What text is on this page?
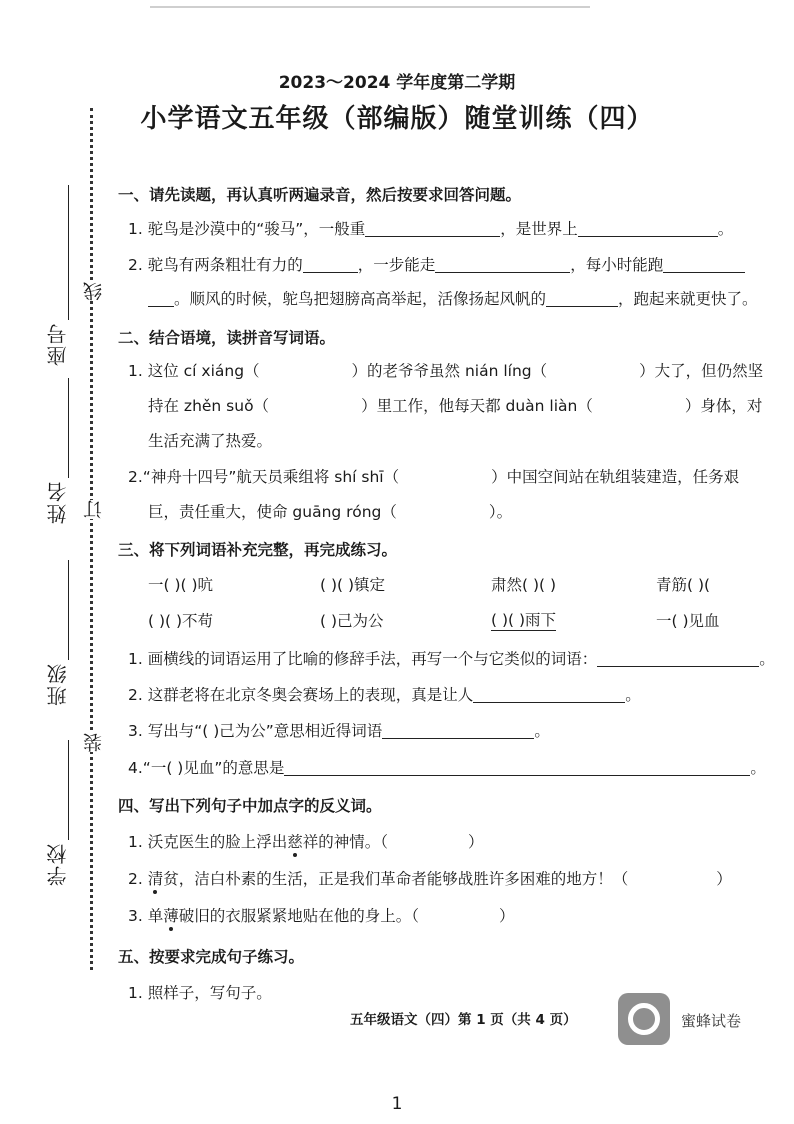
座号
姓名
班级
学校
线
订
装
2023～2024 学年度第二学期
小学语文五年级（部编版）随堂训练（四）
一、请先读题，再认真听两遍录音，然后按要求回答问题。
1. 驼鸟是沙漠中的“骏马”，一般重	，是世界上	。
2. 驼鸟有两条粗壮有力的	，一步能走	，每小时能跑
。顺风的时候，鸵鸟把翅膀高高举起，活像扬起风帆的	，跑起来就更快了。
二、结合语境，读拼音写词语。
1. 这位 cí xiáng（	）的老爷爷虽然 nián líng（	）大了，但仍然坚
持在 zhěn suǒ（	）里工作，他每天都 duàn liàn（	）身体，对
生活充满了热爱。
2.“神舟十四号”航天员乘组将 shí shī（	）中国空间站在轨组装建造，任务艰
巨，责任重大，使命 guāng róng（	）。
三、将下列词语补充完整，再完成练习。
一( )( )吭	( )( )镇定	肃然( )( )	青筋( )(
( )( )不苟	( )己为公	( )( )雨下	一( )见血
1. 画横线的词语运用了比喻的修辞手法，再写一个与它类似的词语：	。
2. 这群老将在北京冬奥会赛场上的表现，真是让人	。
3. 写出与“( )己为公”意思相近得词语	。
4.“一( )见血”的意思是	。
四、写出下列句子中加点字的反义词。
1. 沃克医生的脸上浮出慈祥的神情。（	）
2. 清贫，洁白朴素的生活，正是我们革命者能够战胜许多困难的地方！（	）
3. 单薄破旧的衣服紧紧地贴在他的身上。（	）
五、按要求完成句子练习。
1. 照样子，写句子。
五年级语文（四）第 1 页（共 4 页）	蜜蜂试卷
1
